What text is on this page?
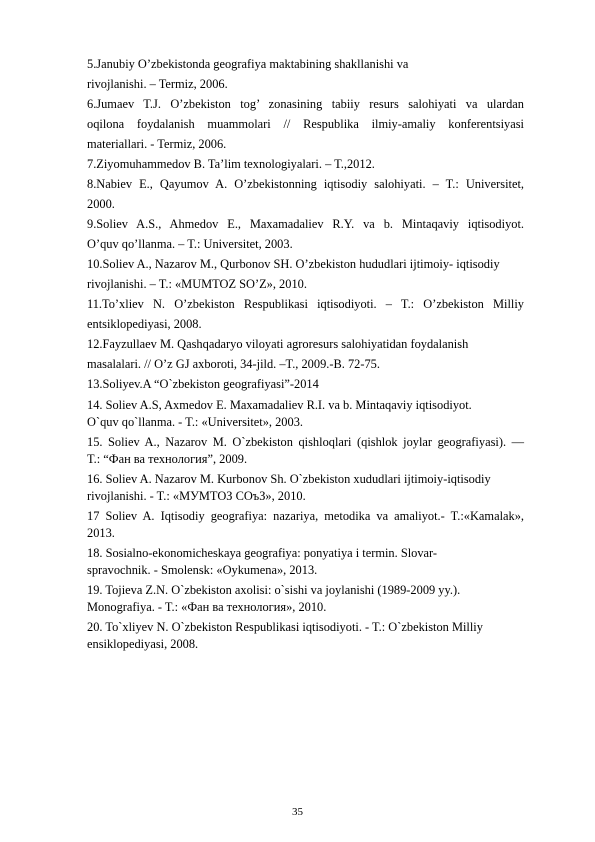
5.Janubiy O’zbekistonda geografiya maktabining shakllanishi va
rivojlanishi. – Termiz, 2006.

6.Jumaev T.J. O’zbekiston tog’ zonasining tabiiy resurs salohiyati va ulardan
oqilona foydalanish muammolari // Respublika ilmiy-amaliy konferentsiyasi
materiallari. - Termiz, 2006.

7.Ziyomuhammedov B. Ta’lim texnologiyalari. – T.,2012.

8.Nabiev E., Qayumov A. O’zbekistonning iqtisodiy salohiyati. – T.: Universitet,
2000.

9.Soliev A.S., Ahmedov E., Maxamadaliev R.Y. va b. Mintaqaviy iqtisodiyot.
O’quv qo’llanma. – T.: Universitet, 2003.

10.Soliev A., Nazarov M., Qurbonov SH. O’zbekiston hududlari ijtimoiy- iqtisodiy
rivojlanishi. – T.: «MUMTOZ SO’Z», 2010.

11.To’xliev N. O’zbekiston Respublikasi iqtisodiyoti. – T.: O’zbekiston Milliy
entsiklopediyasi, 2008.

12.Fayzullaev M. Qashqadaryo viloyati agroresurs salohiyatidan foydalanish
masalalari. // O’z GJ axboroti, 34-jild. –T., 2009.-B. 72-75.

13.Soliyev.A “O`zbekiston geografiyasi”-2014

14. Soliev A.S, Axmedov E. Maxamadaliev R.I. va b. Mintaqaviy iqtisodiyot.
O`quv qo`llanma. - T.: «Universitet», 2003.

15. Soliev A., Nazarov M. O`zbekiston qishloqlari (qishlok joylar geografiyasi). —
T.: “Фан ва технология”, 2009.

16. Soliev A. Nazarov M. Kurbonov Sh. O`zbekiston xududlari ijtimoiy-iqtisodiy
rivojlanishi. - T.: «МУМТОЗ СОъЗ», 2010.

17 Soliev A. Iqtisodiy geografiya: nazariya, metodika va amaliyot.- T.:«Kamalak»,
2013.

18. Sosialno-ekonomicheskaya geografiya: ponyatiya i termin. Slovar-
spravochnik. - Smolensk: «Oykumena», 2013.

19. Tojieva Z.N. O`zbekiston axolisi: o`sishi va joylanishi (1989-2009 yy.).
Monografiya. - T.: «Фан ва технология», 2010.

20. To`xliyev N. O`zbekiston Respublikasi iqtisodiyoti. - T.: O`zbekiston Milliy
ensiklopediyasi, 2008.

35
